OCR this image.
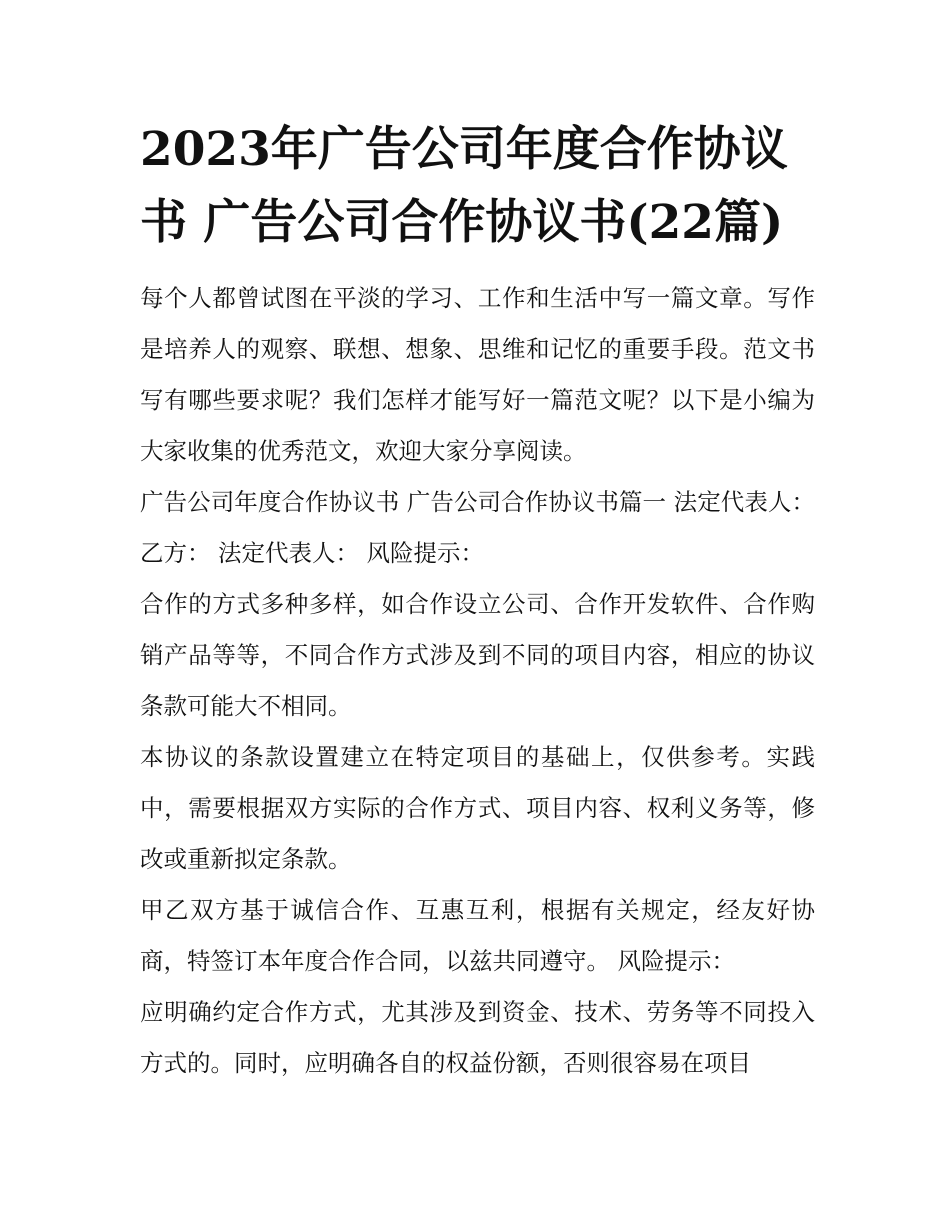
2023年广告公司年度合作协议书 广告公司合作协议书(22篇)

每个人都曾试图在平淡的学习、工作和生活中写一篇文章。写作是培养人的观察、联想、想象、思维和记忆的重要手段。范文书写有哪些要求呢？我们怎样才能写好一篇范文呢？以下是小编为大家收集的优秀范文，欢迎大家分享阅读。

广告公司年度合作协议书 广告公司合作协议书篇一 法定代表人： 乙方： 法定代表人： 风险提示：

合作的方式多种多样，如合作设立公司、合作开发软件、合作购销产品等等，不同合作方式涉及到不同的项目内容，相应的协议条款可能大不相同。

本协议的条款设置建立在特定项目的基础上，仅供参考。实践中，需要根据双方实际的合作方式、项目内容、权利义务等，修改或重新拟定条款。

甲乙双方基于诚信合作、互惠互利，根据有关规定，经友好协商，特签订本年度合作合同，以兹共同遵守。 风险提示：

应明确约定合作方式，尤其涉及到资金、技术、劳务等不同投入方式的。同时，应明确各自的权益份额，否则很容易在项目
